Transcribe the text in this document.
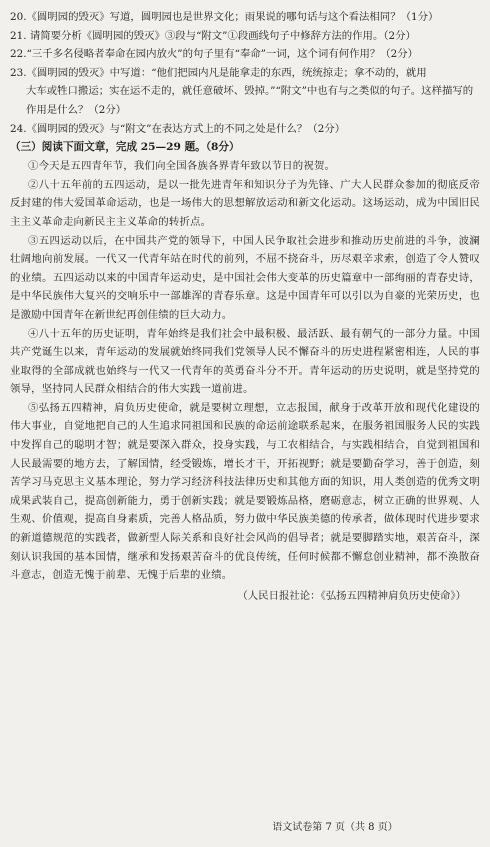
20.《圆明园的毁灭》写道，圆明园也是世界文化；雨果说的哪句话与这个看法相同？（1分）

21. 请简要分析《圆明园的毁灭》③段与“附文”①段画线句子中修辞方法的作用。（2分）

22.“三千多名侵略者奉命在园内放火”的句子里有“奉命”一词，这个词有何作用？（2分）

23.《圆明园的毁灭》中写道：“他们把园内凡是能拿走的东西，统统掠走；拿不动的，就用
大车或牲口搬运；实在运不走的，就任意破坏、毁掉。”“附文”中也有与之类似的句子。这样描写的作用是什么？（2分）

24.《圆明园的毁灭》与“附文”在表达方式上的不同之处是什么？（2分）

（三）阅读下面文章，完成 25—29 题。（8分）

①今天是五四青年节，我们向全国各族各界青年致以节日的祝贺。

②八十五年前的五四运动，是以一批先进青年和知识分子为先锋、广大人民群众参加的彻底反帝反封建的伟大爱国革命运动，也是一场伟大的思想解放运动和新文化运动。这场运动，成为中国旧民主主义革命走向新民主主义革命的转折点。

③五四运动以后，在中国共产党的领导下，中国人民争取社会进步和推动历史前进的斗争，波澜壮阔地向前发展。一代又一代青年站在时代的前列，不屈不挠奋斗，历尽艰辛求索，创造了令人赞叹的业绩。五四运动以来的中国青年运动史，是中国社会伟大变革的历史篇章中一部绚丽的青春史诗，是中华民族伟大复兴的交响乐中一部雄浑的青春乐章。这是中国青年可以引以为自豪的光荣历史，也是激励中国青年在新世纪再创佳绩的巨大动力。

④八十五年的历史证明，青年始终是我们社会中最积极、最活跃、最有朝气的一部分力量。中国共产党诞生以来，青年运动的发展就始终同我们党领导人民不懈奋斗的历史进程紧密相连，人民的事业取得的全部成就也始终与一代又一代青年的英勇奋斗分不开。青年运动的历史说明，就是坚持党的领导，坚持同人民群众相结合的伟大实践一道前进。

⑤弘扬五四精神，肩负历史使命，就是要树立理想，立志报国，献身于改革开放和现代化建设的伟大事业，自觉地把自己的人生追求同祖国和民族的命运前途联系起来，在服务祖国服务人民的实践中发挥自己的聪明才智；就是要深入群众，投身实践，与工农相结合，与实践相结合，自觉到祖国和人民最需要的地方去，了解国情，经受锻炼，增长才干，开拓视野；就是要勤奋学习，善于创造，刻苦学习马克思主义基本理论，努力学习经济科技法律历史和其他方面的知识，用人类创造的优秀文明成果武装自己，提高创新能力，勇于创新实践；就是要锻炼品格，磨砺意志，树立正确的世界观、人生观、价值观，提高自身素质，完善人格品质，努力做中华民族美德的传承者，做体现时代进步要求的新道德规范的实践者，做新型人际关系和良好社会风尚的倡导者；就是要脚踏实地，艰苦奋斗，深刻认识我国的基本国情，继承和发扬艰苦奋斗的优良传统，任何时候都不懈怠创业精神，都不涣散奋斗意志，创造无愧于前辈、无愧于后辈的业绩。

（人民日报社论：《弘扬五四精神肩负历史使命》）

语文试卷第 7 页（共 8 页）
